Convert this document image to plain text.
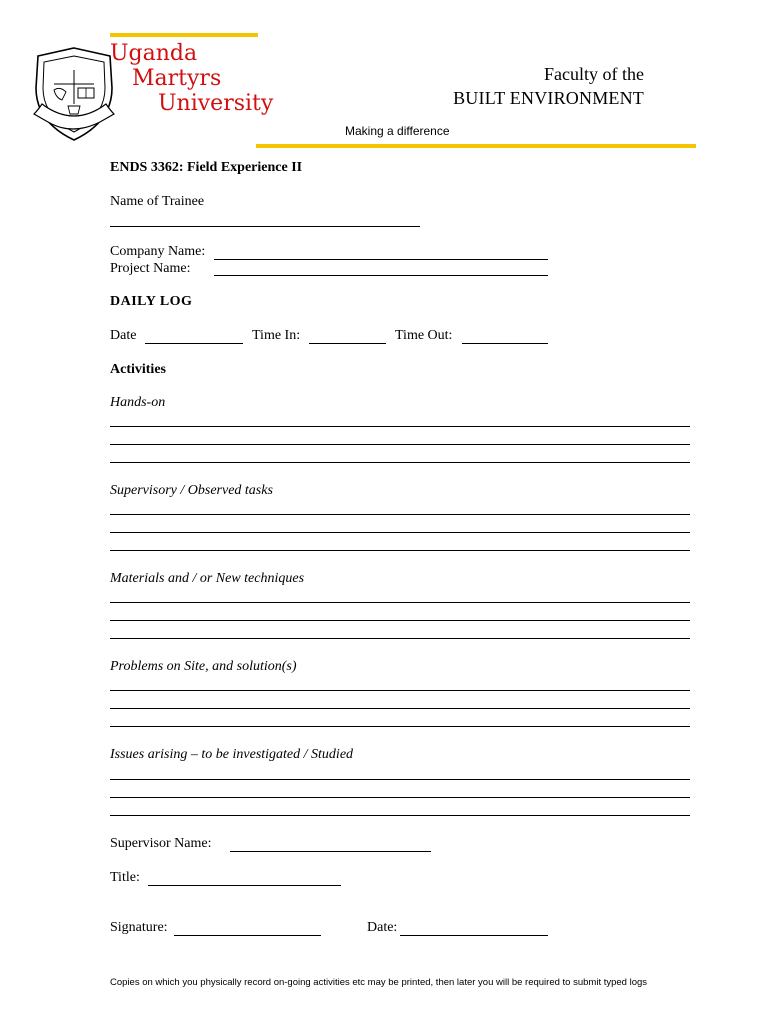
Uganda
Martyrs
University
Faculty of the
BUILT ENVIRONMENT
Making a difference
ENDS 3362: Field Experience II
Name of Trainee
Company Name:
Project Name:
DAILY LOG
Date	Time In:	Time Out:
Activities
Hands-on
Supervisory / Observed tasks
Materials and / or New techniques
Problems on Site, and solution(s)
Issues arising – to be investigated / Studied
Supervisor Name:
Title:
Signature:	Date:
Copies on which you physically record on-going activities etc may be printed, then later you will be required to submit typed logs
